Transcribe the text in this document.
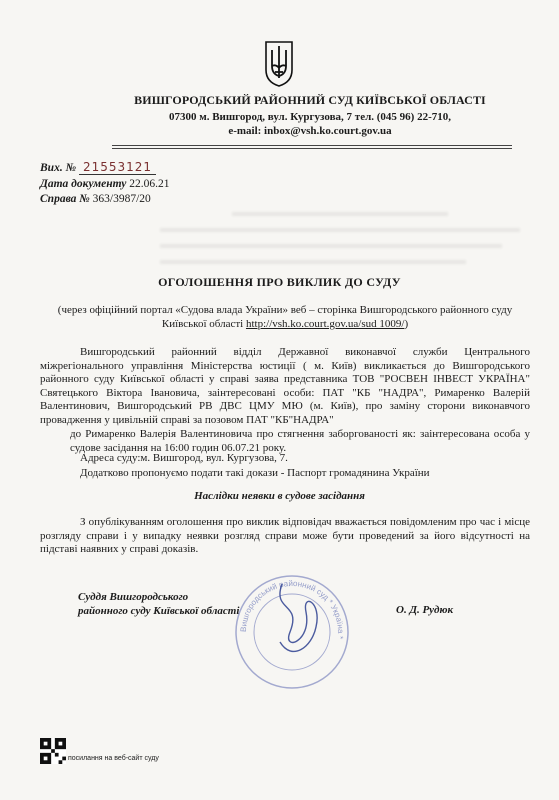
ВИШГОРОДСЬКИЙ РАЙОННИЙ СУД КИЇВСЬКОЇ ОБЛАСТІ
07300 м. Вишгород, вул. Кургузова, 7 тел. (045 96) 22-710,
e-mail: inbox@vsh.ko.court.gov.ua
Вих. № 21553121
Дата документу 22.06.21
Справа № 363/3987/20
ОГОЛОШЕННЯ ПРО ВИКЛИК ДО СУДУ
(через офіційний портал «Судова влада України» веб – сторінка Вишгородського районного суду
Київської області http://vsh.ko.court.gov.ua/sud 1009/)
Вишгородський районний відділ Державної виконавчої служби Центрального міжрегіонального управління Міністерства юстиції ( м. Київ) викликається до Вишгородського районного суду Київської області у справі заява представника ТОВ "РОСВЕН ІНВЕСТ УКРАЇНА" Святецького Віктора Івановича, заінтересовані особи: ПАТ "КБ "НАДРА", Римаренко Валерій Валентинович, Вишгородський РВ ДВС ЦМУ МЮ (м. Київ), про заміну сторони виконавчого провадження у цивільній справі за позовом ПАТ "КБ"НАДРА"
до Римаренко Валерія Валентиновича про стягнення заборгованості як: заінтересована особа у судове засідання на 16:00 годин 06.07.21 року.
Адреса суду:м. Вишгород, вул. Кургузова, 7.
Додатково пропонуємо подати такі докази - Паспорт громадянина України
Наслідки неявки в судове засідання
З опублікуванням оголошення про виклик відповідач вважається повідомленим про час і місце розгляду справи і у випадку неявки розгляд справи може бути проведений за його відсутності на підставі наявних у справі доказів.
Вишгородський районний суд * Україна *
Суддя Вишгородського
районного суду Київської області	О. Д. Рудюк
посилання на веб-сайт суду
